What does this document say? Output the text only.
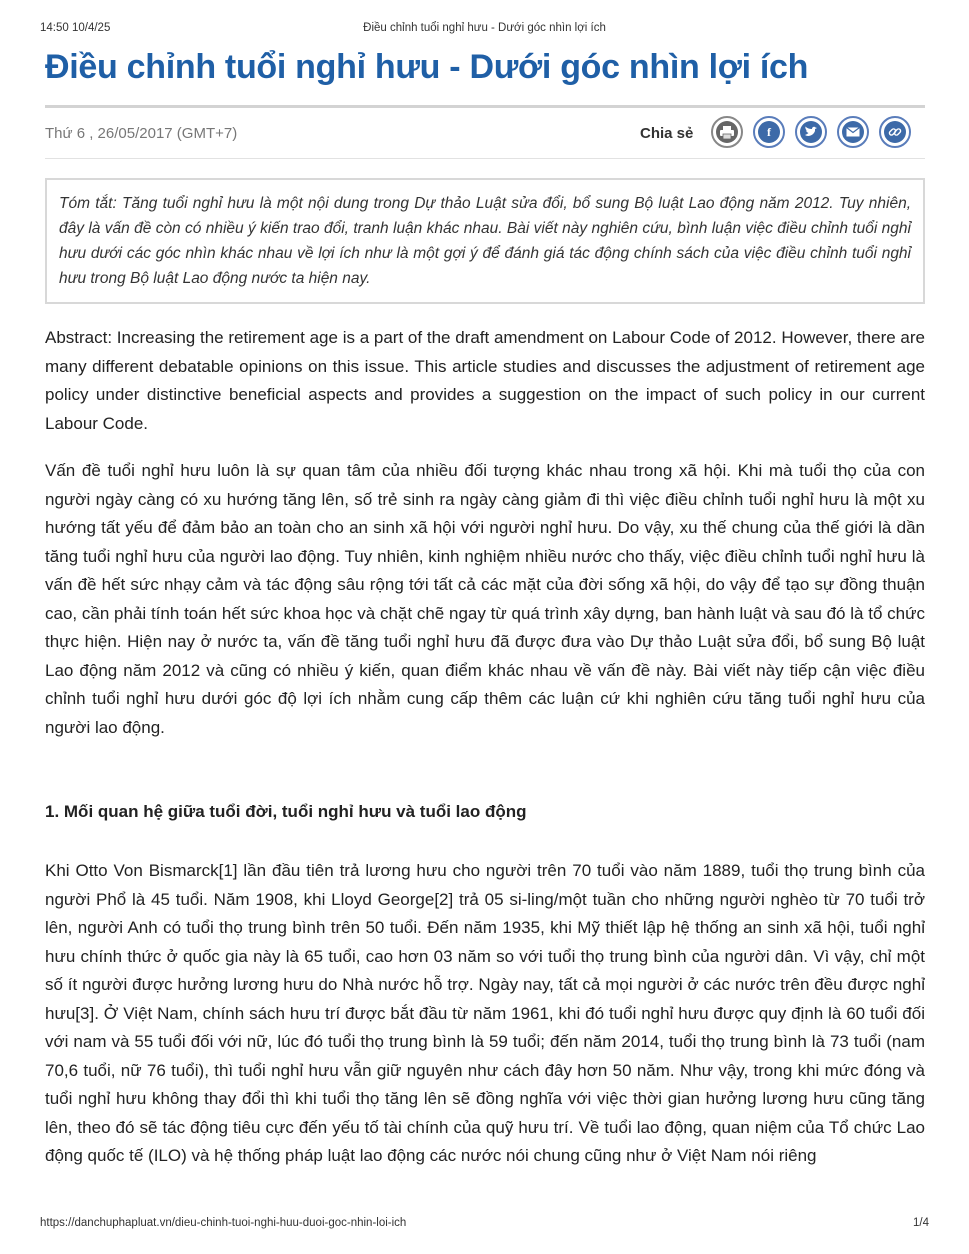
14:50 10/4/25	Điều chỉnh tuổi nghỉ hưu - Dưới góc nhìn lợi ích
Điều chỉnh tuổi nghỉ hưu - Dưới góc nhìn lợi ích
Thứ 6 , 26/05/2017 (GMT+7)	Chia sẻ	f

Tóm tắt: Tăng tuổi nghỉ hưu là một nội dung trong Dự thảo Luật sửa đổi, bổ sung Bộ luật Lao động năm 2012. Tuy nhiên, đây là vấn đề còn có nhiều ý kiến trao đổi, tranh luận khác nhau. Bài viết này nghiên cứu, bình luận việc điều chỉnh tuổi nghỉ hưu dưới các góc nhìn khác nhau về lợi ích như là một gợi ý để đánh giá tác động chính sách của việc điều chỉnh tuổi nghỉ hưu trong Bộ luật Lao động nước ta hiện nay.

Abstract: Increasing the retirement age is a part of the draft amendment on Labour Code of 2012. However, there are many different debatable opinions on this issue. This article studies and discusses the adjustment of retirement age policy under distinctive beneficial aspects and provides a suggestion on the impact of such policy in our current Labour Code.

Vấn đề tuổi nghỉ hưu luôn là sự quan tâm của nhiều đối tượng khác nhau trong xã hội. Khi mà tuổi thọ của con người ngày càng có xu hướng tăng lên, số trẻ sinh ra ngày càng giảm đi thì việc điều chỉnh tuổi nghỉ hưu là một xu hướng tất yếu để đảm bảo an toàn cho an sinh xã hội với người nghỉ hưu. Do vậy, xu thế chung của thế giới là dần tăng tuổi nghỉ hưu của người lao động. Tuy nhiên, kinh nghiệm nhiều nước cho thấy, việc điều chỉnh tuổi nghỉ hưu là vấn đề hết sức nhạy cảm và tác động sâu rộng tới tất cả các mặt của đời sống xã hội, do vậy để tạo sự đồng thuận cao, cần phải tính toán hết sức khoa học và chặt chẽ ngay từ quá trình xây dựng, ban hành luật và sau đó là tổ chức thực hiện. Hiện nay ở nước ta, vấn đề tăng tuổi nghỉ hưu đã được đưa vào Dự thảo Luật sửa đổi, bổ sung Bộ luật Lao động năm 2012 và cũng có nhiều ý kiến, quan điểm khác nhau về vấn đề này. Bài viết này tiếp cận việc điều chỉnh tuổi nghỉ hưu dưới góc độ lợi ích nhằm cung cấp thêm các luận cứ khi nghiên cứu tăng tuổi nghỉ hưu của người lao động.

1. Mối quan hệ giữa tuổi đời, tuổi nghỉ hưu và tuổi lao động

Khi Otto Von Bismarck[1] lần đầu tiên trả lương hưu cho người trên 70 tuổi vào năm 1889, tuổi thọ trung bình của người Phổ là 45 tuổi. Năm 1908, khi Lloyd George[2] trả 05 si-ling/một tuần cho những người nghèo từ 70 tuổi trở lên, người Anh có tuổi thọ trung bình trên 50 tuổi. Đến năm 1935, khi Mỹ thiết lập hệ thống an sinh xã hội, tuổi nghỉ hưu chính thức ở quốc gia này là 65 tuổi, cao hơn 03 năm so với tuổi thọ trung bình của người dân. Vì vậy, chỉ một số ít người được hưởng lương hưu do Nhà nước hỗ trợ. Ngày nay, tất cả mọi người ở các nước trên đều được nghỉ hưu[3]. Ở Việt Nam, chính sách hưu trí được bắt đầu từ năm 1961, khi đó tuổi nghỉ hưu được quy định là 60 tuổi đối với nam và 55 tuổi đối với nữ, lúc đó tuổi thọ trung bình là 59 tuổi; đến năm 2014, tuổi thọ trung bình là 73 tuổi (nam 70,6 tuổi, nữ 76 tuổi), thì tuổi nghỉ hưu vẫn giữ nguyên như cách đây hơn 50 năm. Như vậy, trong khi mức đóng và tuổi nghỉ hưu không thay đổi thì khi tuổi thọ tăng lên sẽ đồng nghĩa với việc thời gian hưởng lương hưu cũng tăng lên, theo đó sẽ tác động tiêu cực đến yếu tố tài chính của quỹ hưu trí. Về tuổi lao động, quan niệm của Tổ chức Lao động quốc tế (ILO) và hệ thống pháp luật lao động các nước nói chung cũng như ở Việt Nam nói riêng

https://danchuphapluat.vn/dieu-chinh-tuoi-nghi-huu-duoi-goc-nhin-loi-ich	1/4
